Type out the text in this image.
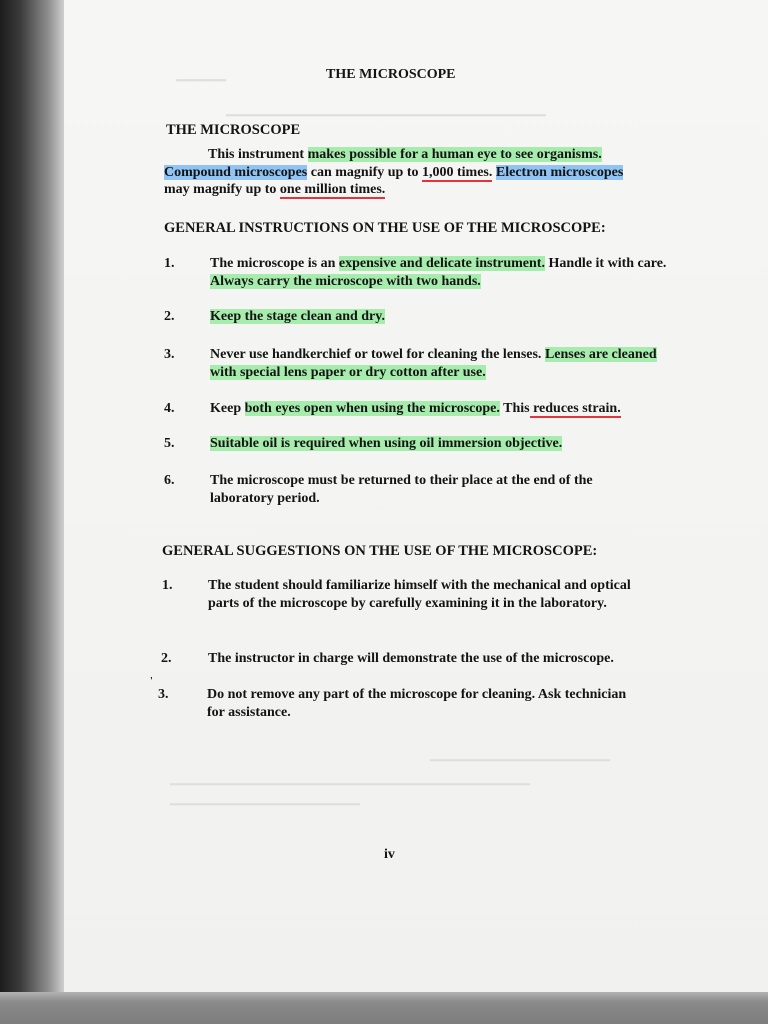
▁▁▁▁▁
▁▁▁▁▁▁▁▁▁▁▁▁▁▁▁▁▁▁▁▁▁▁▁▁▁▁▁▁▁▁▁▁
▁▁▁▁▁▁▁▁▁▁▁▁▁▁▁▁▁▁
▁▁▁▁▁▁▁▁▁▁▁▁▁▁▁▁▁▁▁▁▁▁▁▁▁▁▁▁▁▁▁▁▁▁▁▁
▁▁▁▁▁▁▁▁▁▁▁▁▁▁▁▁▁▁▁
THE MICROSCOPE
THE MICROSCOPE
This instrument makes possible for a human eye to see organisms.
Compound microscopes can magnify up to 1,000 times. Electron microscopes
may magnify up to one million times.
GENERAL INSTRUCTIONS ON THE USE OF THE MICROSCOPE:
1.	The microscope is an expensive and delicate instrument. Handle it with care. Always carry the microscope with two hands.
2.	Keep the stage clean and dry.
3.	Never use handkerchief or towel for cleaning the lenses. Lenses are cleaned with special lens paper or dry cotton after use.
4.	Keep both eyes open when using the microscope. This reduces strain.
5.	Suitable oil is required when using oil immersion objective.
6.	The microscope must be returned to their place at the end of the laboratory period.
GENERAL SUGGESTIONS ON THE USE OF THE MICROSCOPE:
1.	The student should familiarize himself with the mechanical and optical parts of the microscope by carefully examining it in the laboratory.
2.	The instructor in charge will demonstrate the use of the microscope.
'
3.	Do not remove any part of the microscope for cleaning. Ask technician for assistance.
iv
